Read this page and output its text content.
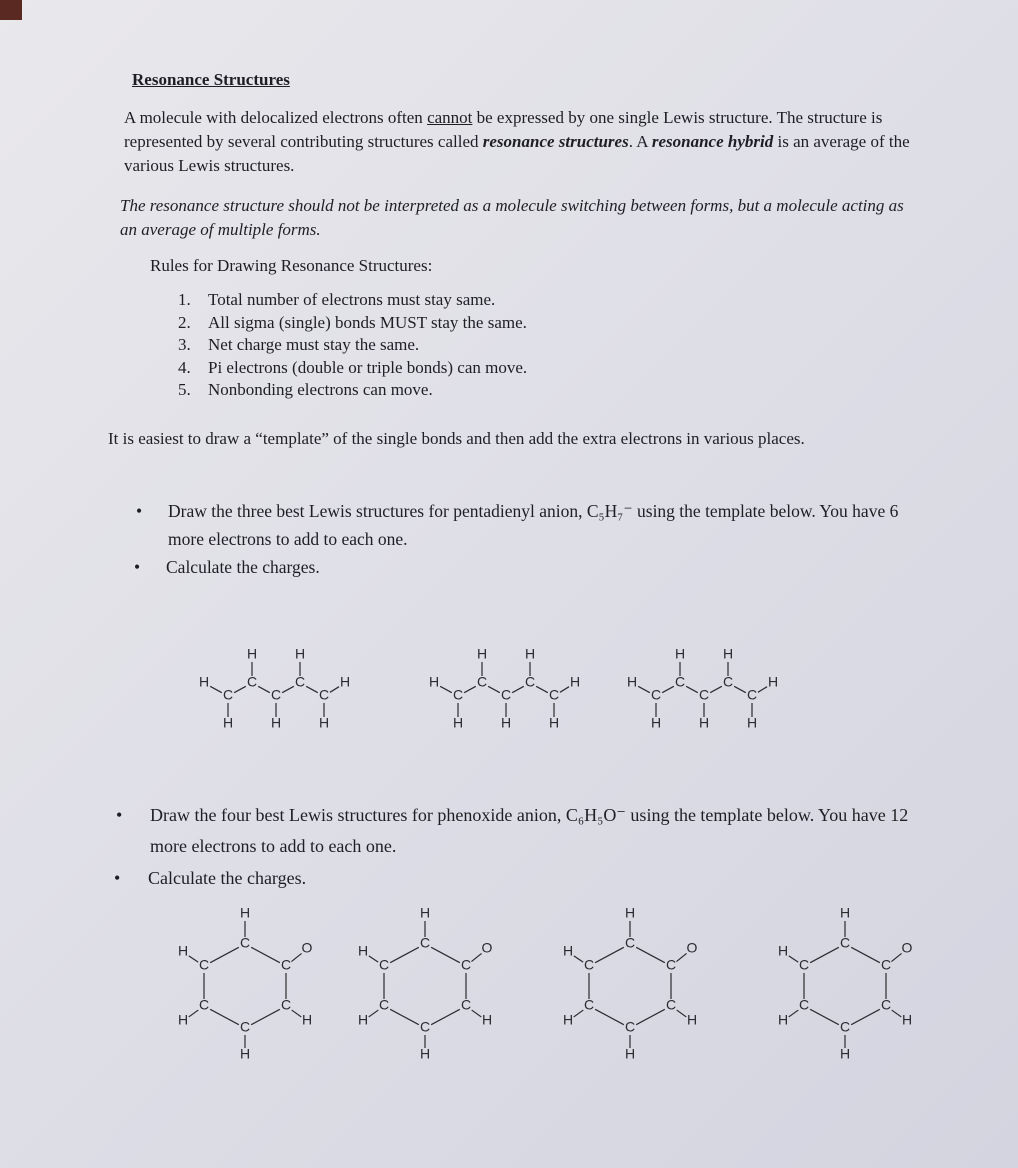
Resonance Structures
A molecule with delocalized electrons often cannot be expressed by one single Lewis structure. The structure is represented by several contributing structures called resonance structures. A resonance hybrid is an average of the various Lewis structures.
The resonance structure should not be interpreted as a molecule switching between forms, but a molecule acting as an average of multiple forms.
Rules for Drawing Resonance Structures:
1. Total number of electrons must stay same.
2. All sigma (single) bonds MUST stay the same.
3. Net charge must stay the same.
4. Pi electrons (double or triple bonds) can move.
5. Nonbonding electrons can move.
It is easiest to draw a “template” of the single bonds and then add the extra electrons in various places.
• Draw the three best Lewis structures for pentadienyl anion, C₅H₇⁻ using the template below. You have 6 more electrons to add to each one.
• Calculate the charges.
C
C
C
C
C
H
H	H
H
H	H	H
C
C
C
C
C
H
H	H
H
H	H	H
C
C
C
C
C
H
H	H
H
H	H	H
• Draw the four best Lewis structures for phenoxide anion, C₆H₅O⁻ using the template below. You have 12 more electrons to add to each one.
• Calculate the charges.
C
C
C
C
C
C
H
O
H
H
H
H	C
C
C
C
C
C
H
O
H
H
H
H	C
C
C
C
C
C
H
O
H
H
H
H	C
C
C
C
C
C
H
O
H
H
H
H
